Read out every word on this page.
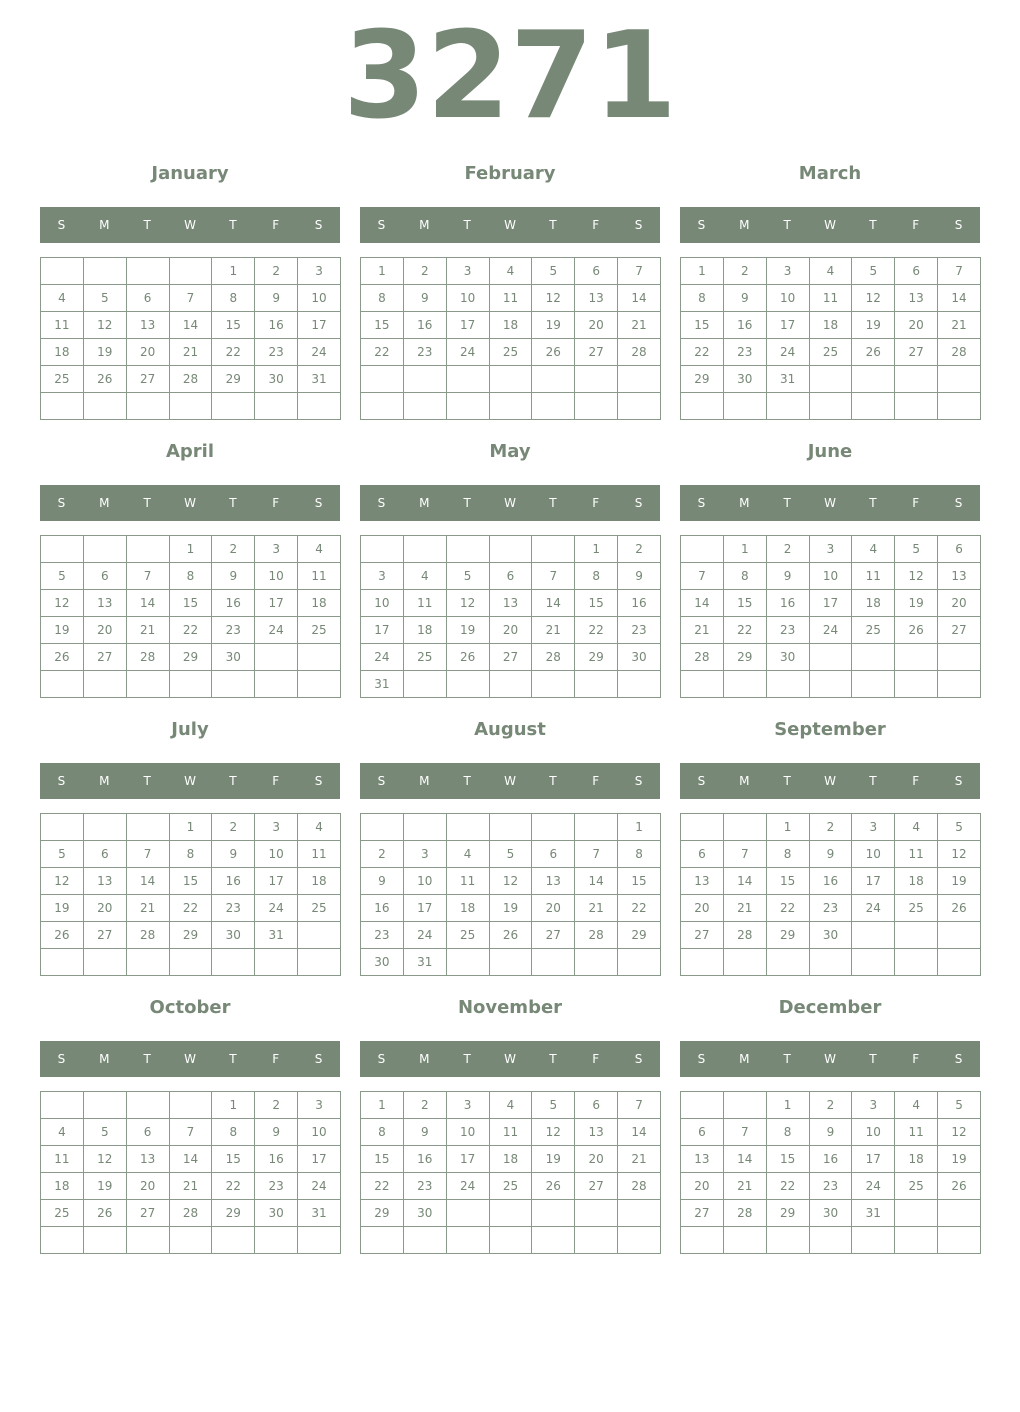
3271
January
S	M	T	W	T	F	S
				1	2	3
4	5	6	7	8	9	10
11	12	13	14	15	16	17
18	19	20	21	22	23	24
25	26	27	28	29	30	31

February
S	M	T	W	T	F	S
1	2	3	4	5	6	7
8	9	10	11	12	13	14
15	16	17	18	19	20	21
22	23	24	25	26	27	28

March
S	M	T	W	T	F	S
1	2	3	4	5	6	7
8	9	10	11	12	13	14
15	16	17	18	19	20	21
22	23	24	25	26	27	28
29	30	31				

April
S	M	T	W	T	F	S
			1	2	3	4
5	6	7	8	9	10	11
12	13	14	15	16	17	18
19	20	21	22	23	24	25
26	27	28	29	30		

May
S	M	T	W	T	F	S
					1	2
3	4	5	6	7	8	9
10	11	12	13	14	15	16
17	18	19	20	21	22	23
24	25	26	27	28	29	30
31						
June
S	M	T	W	T	F	S
	1	2	3	4	5	6
7	8	9	10	11	12	13
14	15	16	17	18	19	20
21	22	23	24	25	26	27
28	29	30				

July
S	M	T	W	T	F	S
			1	2	3	4
5	6	7	8	9	10	11
12	13	14	15	16	17	18
19	20	21	22	23	24	25
26	27	28	29	30	31	

August
S	M	T	W	T	F	S
						1
2	3	4	5	6	7	8
9	10	11	12	13	14	15
16	17	18	19	20	21	22
23	24	25	26	27	28	29
30	31					
September
S	M	T	W	T	F	S
		1	2	3	4	5
6	7	8	9	10	11	12
13	14	15	16	17	18	19
20	21	22	23	24	25	26
27	28	29	30			

October
S	M	T	W	T	F	S
				1	2	3
4	5	6	7	8	9	10
11	12	13	14	15	16	17
18	19	20	21	22	23	24
25	26	27	28	29	30	31

November
S	M	T	W	T	F	S
1	2	3	4	5	6	7
8	9	10	11	12	13	14
15	16	17	18	19	20	21
22	23	24	25	26	27	28
29	30					

December
S	M	T	W	T	F	S
		1	2	3	4	5
6	7	8	9	10	11	12
13	14	15	16	17	18	19
20	21	22	23	24	25	26
27	28	29	30	31		
